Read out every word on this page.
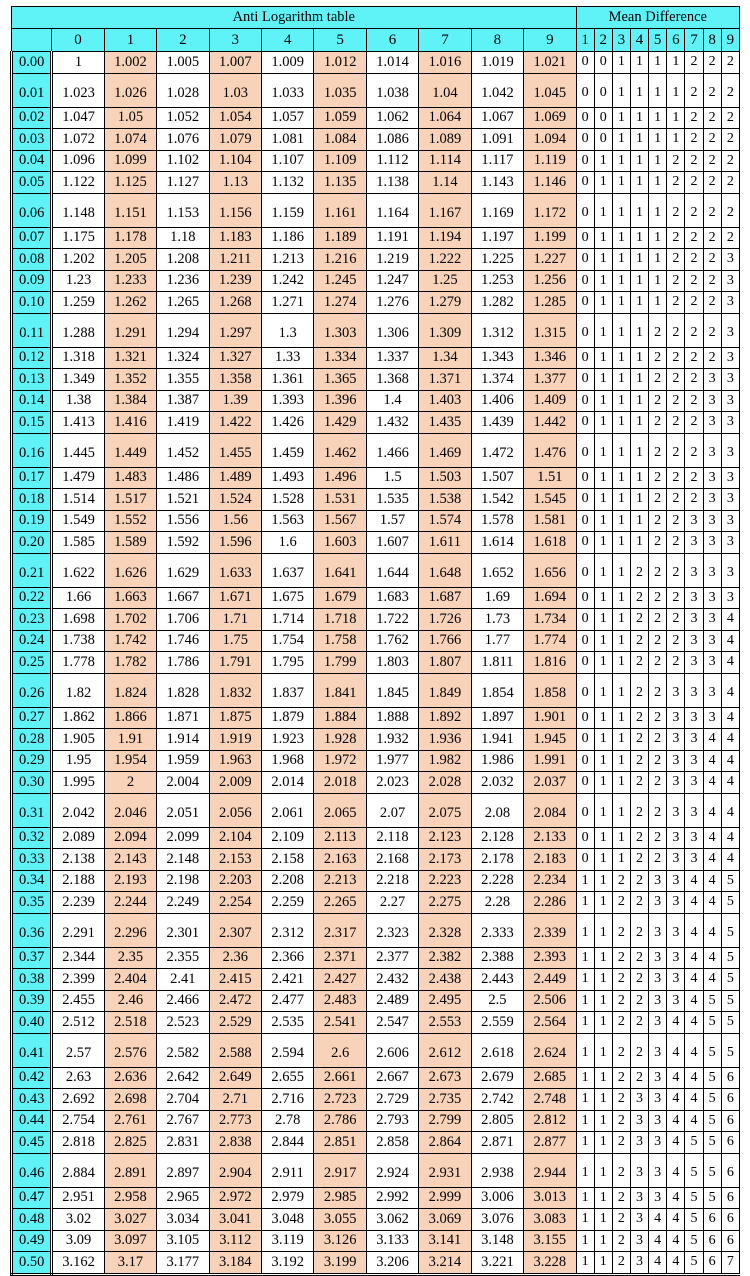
Anti Logarithm table											Mean Difference								
	0	1	2	3	4	5	6	7	8	9	1	2	3	4	5	6	7	8	9
0.00	1	1.002	1.005	1.007	1.009	1.012	1.014	1.016	1.019	1.021	0	0	1	1	1	1	2	2	2
0.01	1.023	1.026	1.028	1.03	1.033	1.035	1.038	1.04	1.042	1.045	0	0	1	1	1	1	2	2	2
0.02	1.047	1.05	1.052	1.054	1.057	1.059	1.062	1.064	1.067	1.069	0	0	1	1	1	1	2	2	2
0.03	1.072	1.074	1.076	1.079	1.081	1.084	1.086	1.089	1.091	1.094	0	0	1	1	1	1	2	2	2
0.04	1.096	1.099	1.102	1.104	1.107	1.109	1.112	1.114	1.117	1.119	0	1	1	1	1	2	2	2	2
0.05	1.122	1.125	1.127	1.13	1.132	1.135	1.138	1.14	1.143	1.146	0	1	1	1	1	2	2	2	2
0.06	1.148	1.151	1.153	1.156	1.159	1.161	1.164	1.167	1.169	1.172	0	1	1	1	1	2	2	2	2
0.07	1.175	1.178	1.18	1.183	1.186	1.189	1.191	1.194	1.197	1.199	0	1	1	1	1	2	2	2	2
0.08	1.202	1.205	1.208	1.211	1.213	1.216	1.219	1.222	1.225	1.227	0	1	1	1	1	2	2	2	3
0.09	1.23	1.233	1.236	1.239	1.242	1.245	1.247	1.25	1.253	1.256	0	1	1	1	1	2	2	2	3
0.10	1.259	1.262	1.265	1.268	1.271	1.274	1.276	1.279	1.282	1.285	0	1	1	1	1	2	2	2	3
0.11	1.288	1.291	1.294	1.297	1.3	1.303	1.306	1.309	1.312	1.315	0	1	1	1	2	2	2	2	3
0.12	1.318	1.321	1.324	1.327	1.33	1.334	1.337	1.34	1.343	1.346	0	1	1	1	2	2	2	2	3
0.13	1.349	1.352	1.355	1.358	1.361	1.365	1.368	1.371	1.374	1.377	0	1	1	1	2	2	2	3	3
0.14	1.38	1.384	1.387	1.39	1.393	1.396	1.4	1.403	1.406	1.409	0	1	1	1	2	2	2	3	3
0.15	1.413	1.416	1.419	1.422	1.426	1.429	1.432	1.435	1.439	1.442	0	1	1	1	2	2	2	3	3
0.16	1.445	1.449	1.452	1.455	1.459	1.462	1.466	1.469	1.472	1.476	0	1	1	1	2	2	2	3	3
0.17	1.479	1.483	1.486	1.489	1.493	1.496	1.5	1.503	1.507	1.51	0	1	1	1	2	2	2	3	3
0.18	1.514	1.517	1.521	1.524	1.528	1.531	1.535	1.538	1.542	1.545	0	1	1	1	2	2	2	3	3
0.19	1.549	1.552	1.556	1.56	1.563	1.567	1.57	1.574	1.578	1.581	0	1	1	1	2	2	3	3	3
0.20	1.585	1.589	1.592	1.596	1.6	1.603	1.607	1.611	1.614	1.618	0	1	1	1	2	2	3	3	3
0.21	1.622	1.626	1.629	1.633	1.637	1.641	1.644	1.648	1.652	1.656	0	1	1	2	2	2	3	3	3
0.22	1.66	1.663	1.667	1.671	1.675	1.679	1.683	1.687	1.69	1.694	0	1	1	2	2	2	3	3	3
0.23	1.698	1.702	1.706	1.71	1.714	1.718	1.722	1.726	1.73	1.734	0	1	1	2	2	2	3	3	4
0.24	1.738	1.742	1.746	1.75	1.754	1.758	1.762	1.766	1.77	1.774	0	1	1	2	2	2	3	3	4
0.25	1.778	1.782	1.786	1.791	1.795	1.799	1.803	1.807	1.811	1.816	0	1	1	2	2	2	3	3	4
0.26	1.82	1.824	1.828	1.832	1.837	1.841	1.845	1.849	1.854	1.858	0	1	1	2	2	3	3	3	4
0.27	1.862	1.866	1.871	1.875	1.879	1.884	1.888	1.892	1.897	1.901	0	1	1	2	2	3	3	3	4
0.28	1.905	1.91	1.914	1.919	1.923	1.928	1.932	1.936	1.941	1.945	0	1	1	2	2	3	3	4	4
0.29	1.95	1.954	1.959	1.963	1.968	1.972	1.977	1.982	1.986	1.991	0	1	1	2	2	3	3	4	4
0.30	1.995	2	2.004	2.009	2.014	2.018	2.023	2.028	2.032	2.037	0	1	1	2	2	3	3	4	4
0.31	2.042	2.046	2.051	2.056	2.061	2.065	2.07	2.075	2.08	2.084	0	1	1	2	2	3	3	4	4
0.32	2.089	2.094	2.099	2.104	2.109	2.113	2.118	2.123	2.128	2.133	0	1	1	2	2	3	3	4	4
0.33	2.138	2.143	2.148	2.153	2.158	2.163	2.168	2.173	2.178	2.183	0	1	1	2	2	3	3	4	4
0.34	2.188	2.193	2.198	2.203	2.208	2.213	2.218	2.223	2.228	2.234	1	1	2	2	3	3	4	4	5
0.35	2.239	2.244	2.249	2.254	2.259	2.265	2.27	2.275	2.28	2.286	1	1	2	2	3	3	4	4	5
0.36	2.291	2.296	2.301	2.307	2.312	2.317	2.323	2.328	2.333	2.339	1	1	2	2	3	3	4	4	5
0.37	2.344	2.35	2.355	2.36	2.366	2.371	2.377	2.382	2.388	2.393	1	1	2	2	3	3	4	4	5
0.38	2.399	2.404	2.41	2.415	2.421	2.427	2.432	2.438	2.443	2.449	1	1	2	2	3	3	4	4	5
0.39	2.455	2.46	2.466	2.472	2.477	2.483	2.489	2.495	2.5	2.506	1	1	2	2	3	3	4	5	5
0.40	2.512	2.518	2.523	2.529	2.535	2.541	2.547	2.553	2.559	2.564	1	1	2	2	3	4	4	5	5
0.41	2.57	2.576	2.582	2.588	2.594	2.6	2.606	2.612	2.618	2.624	1	1	2	2	3	4	4	5	5
0.42	2.63	2.636	2.642	2.649	2.655	2.661	2.667	2.673	2.679	2.685	1	1	2	2	3	4	4	5	6
0.43	2.692	2.698	2.704	2.71	2.716	2.723	2.729	2.735	2.742	2.748	1	1	2	3	3	4	4	5	6
0.44	2.754	2.761	2.767	2.773	2.78	2.786	2.793	2.799	2.805	2.812	1	1	2	3	3	4	4	5	6
0.45	2.818	2.825	2.831	2.838	2.844	2.851	2.858	2.864	2.871	2.877	1	1	2	3	3	4	5	5	6
0.46	2.884	2.891	2.897	2.904	2.911	2.917	2.924	2.931	2.938	2.944	1	1	2	3	3	4	5	5	6
0.47	2.951	2.958	2.965	2.972	2.979	2.985	2.992	2.999	3.006	3.013	1	1	2	3	3	4	5	5	6
0.48	3.02	3.027	3.034	3.041	3.048	3.055	3.062	3.069	3.076	3.083	1	1	2	3	4	4	5	6	6
0.49	3.09	3.097	3.105	3.112	3.119	3.126	3.133	3.141	3.148	3.155	1	1	2	3	4	4	5	6	6
0.50	3.162	3.17	3.177	3.184	3.192	3.199	3.206	3.214	3.221	3.228	1	1	2	3	4	4	5	6	7
